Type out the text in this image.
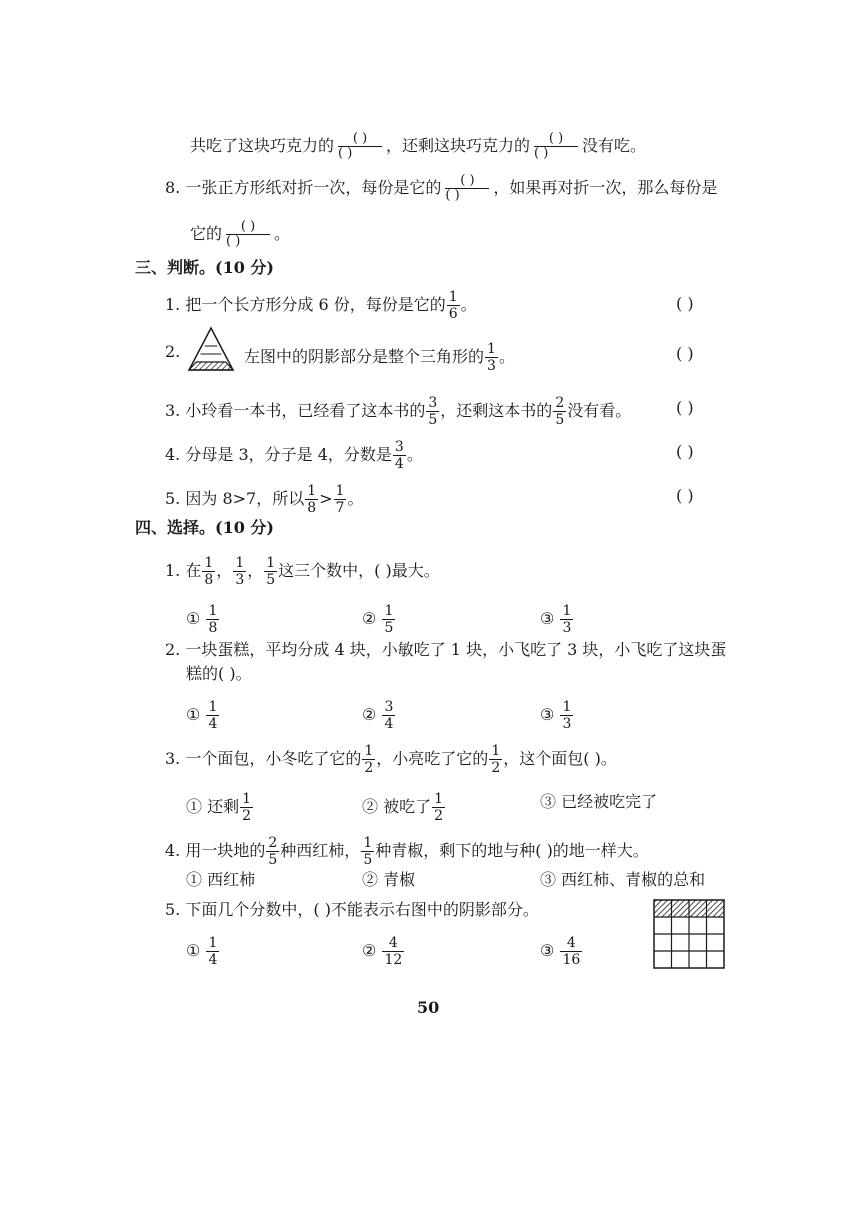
共吃了这块巧克力的 ( )
( )	，还剩这块巧克力的 ( )
( )	没有吃。
8. 一张正方形纸对折一次，每份是它的 ( )
( )	，如果再对折一次，那么每份是
它的 ( )
( )	。
三、判断。(10 分)
1. 把一个长方形分成 6 份，每份是它的 $\frac{1}{6}$ 。	( )
2.	左图中的阴影部分是整个三角形的 $\frac{1}{3}$ 。	( )
3. 小玲看一本书，已经看了这本书的 $\frac{3}{5}$ ，还剩这本书的 $\frac{2}{5}$ 没有看。	( )
4. 分母是 3，分子是 4，分数是 $\frac{3}{4}$ 。	( )
5. 因为 8>7，所以 $\frac{1}{8} > \frac{1}{7}$ 。	( )
四、选择。(10 分)
1. 在 $\frac{1}{8}$ ， $\frac{1}{3}$ ， $\frac{1}{5}$ 这三个数中，( )最大。
① $\frac{1}{8}$	② $\frac{1}{5}$	③ $\frac{1}{3}$
2. 一块蛋糕，平均分成 4 块，小敏吃了 1 块，小飞吃了 3 块，小飞吃了这块蛋
糕的( )。
① $\frac{1}{4}$	② $\frac{3}{4}$	③ $\frac{1}{3}$
3. 一个面包，小冬吃了它的 $\frac{1}{2}$ ，小亮吃了它的 $\frac{1}{2}$ ，这个面包( )。
① 还剩 $\frac{1}{2}$	② 被吃了 $\frac{1}{2}$	③ 已经被吃完了
4. 用一块地的 $\frac{2}{5}$ 种西红柿， $\frac{1}{5}$ 种青椒，剩下的地与种( )的地一样大。
① 西红柿	② 青椒	③ 西红柿、青椒的总和
5. 下面几个分数中，( )不能表示右图中的阴影部分。
① $\frac{1}{4}$	② $\frac{4}{12}$	③ $\frac{4}{16}$
50
